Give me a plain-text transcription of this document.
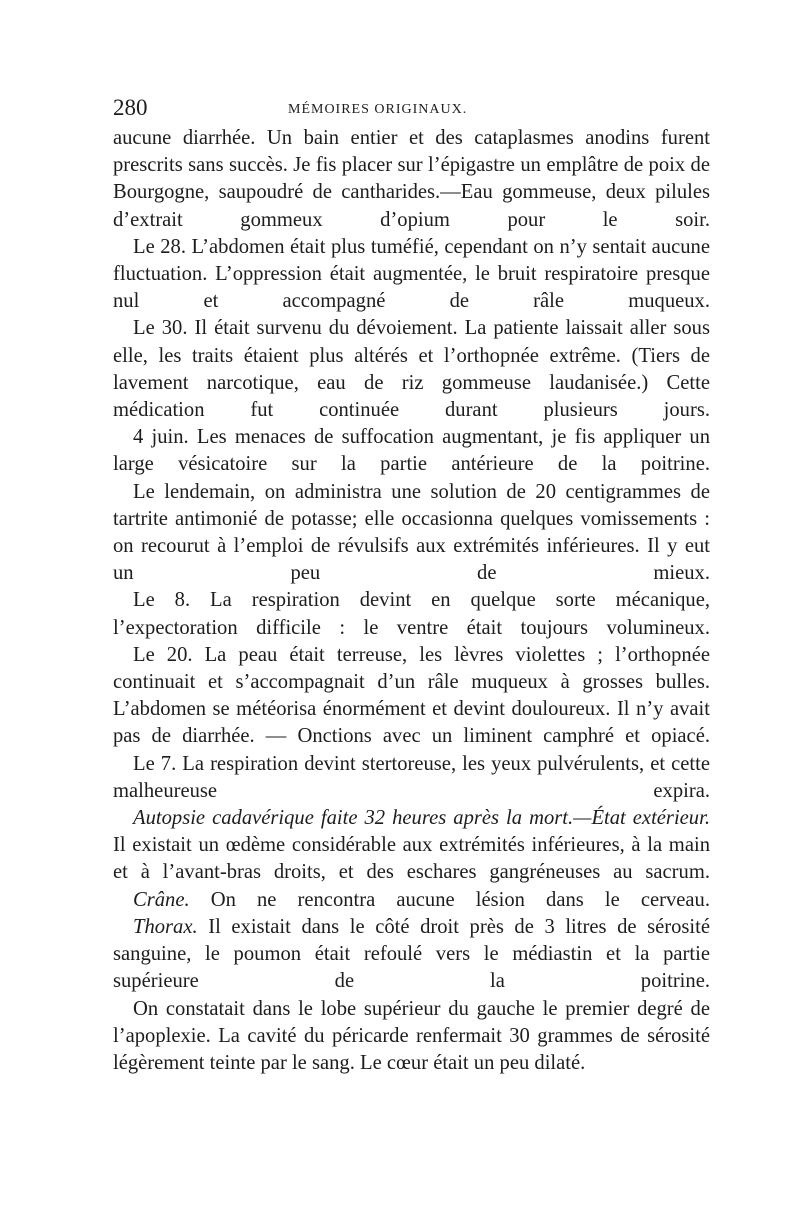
280	MÉMOIRES ORIGINAUX.

aucune diarrhée. Un bain entier et des cataplasmes anodins furent prescrits sans succès. Je fis placer sur l’épigastre un emplâtre de poix de Bourgogne, saupoudré de cantharides.—Eau gommeuse, deux pilules d’extrait gommeux d’opium pour le soir.

Le 28. L’abdomen était plus tuméfié, cependant on n’y sentait aucune fluctuation. L’oppression était augmentée, le bruit respiratoire presque nul et accompagné de râle muqueux.

Le 30. Il était survenu du dévoiement. La patiente laissait aller sous elle, les traits étaient plus altérés et l’orthopnée extrême. (Tiers de lavement narcotique, eau de riz gommeuse laudanisée.) Cette médication fut continuée durant plusieurs jours.

4 juin. Les menaces de suffocation augmentant, je fis appliquer un large vésicatoire sur la partie antérieure de la poitrine.

Le lendemain, on administra une solution de 20 centigrammes de tartrite antimonié de potasse; elle occasionna quelques vomissements : on recourut à l’emploi de révulsifs aux extrémités inférieures. Il y eut un peu de mieux.

Le 8. La respiration devint en quelque sorte mécanique, l’expectoration difficile : le ventre était toujours volumineux.

Le 20. La peau était terreuse, les lèvres violettes ; l’orthopnée continuait et s’accompagnait d’un râle muqueux à grosses bulles. L’abdomen se météorisa énormément et devint douloureux. Il n’y avait pas de diarrhée. — Onctions avec un liminent camphré et opiacé.

Le 7. La respiration devint stertoreuse, les yeux pulvérulents, et cette malheureuse expira.

Autopsie cadavérique faite 32 heures après la mort.—État extérieur. Il existait un œdème considérable aux extrémités inférieures, à la main et à l’avant-bras droits, et des eschares gangréneuses au sacrum.

Crâne. On ne rencontra aucune lésion dans le cerveau.

Thorax. Il existait dans le côté droit près de 3 litres de sérosité sanguine, le poumon était refoulé vers le médiastin et la partie supérieure de la poitrine.

On constatait dans le lobe supérieur du gauche le premier degré de l’apoplexie. La cavité du péricarde renfermait 30 grammes de sérosité légèrement teinte par le sang. Le cœur était un peu dilaté.
